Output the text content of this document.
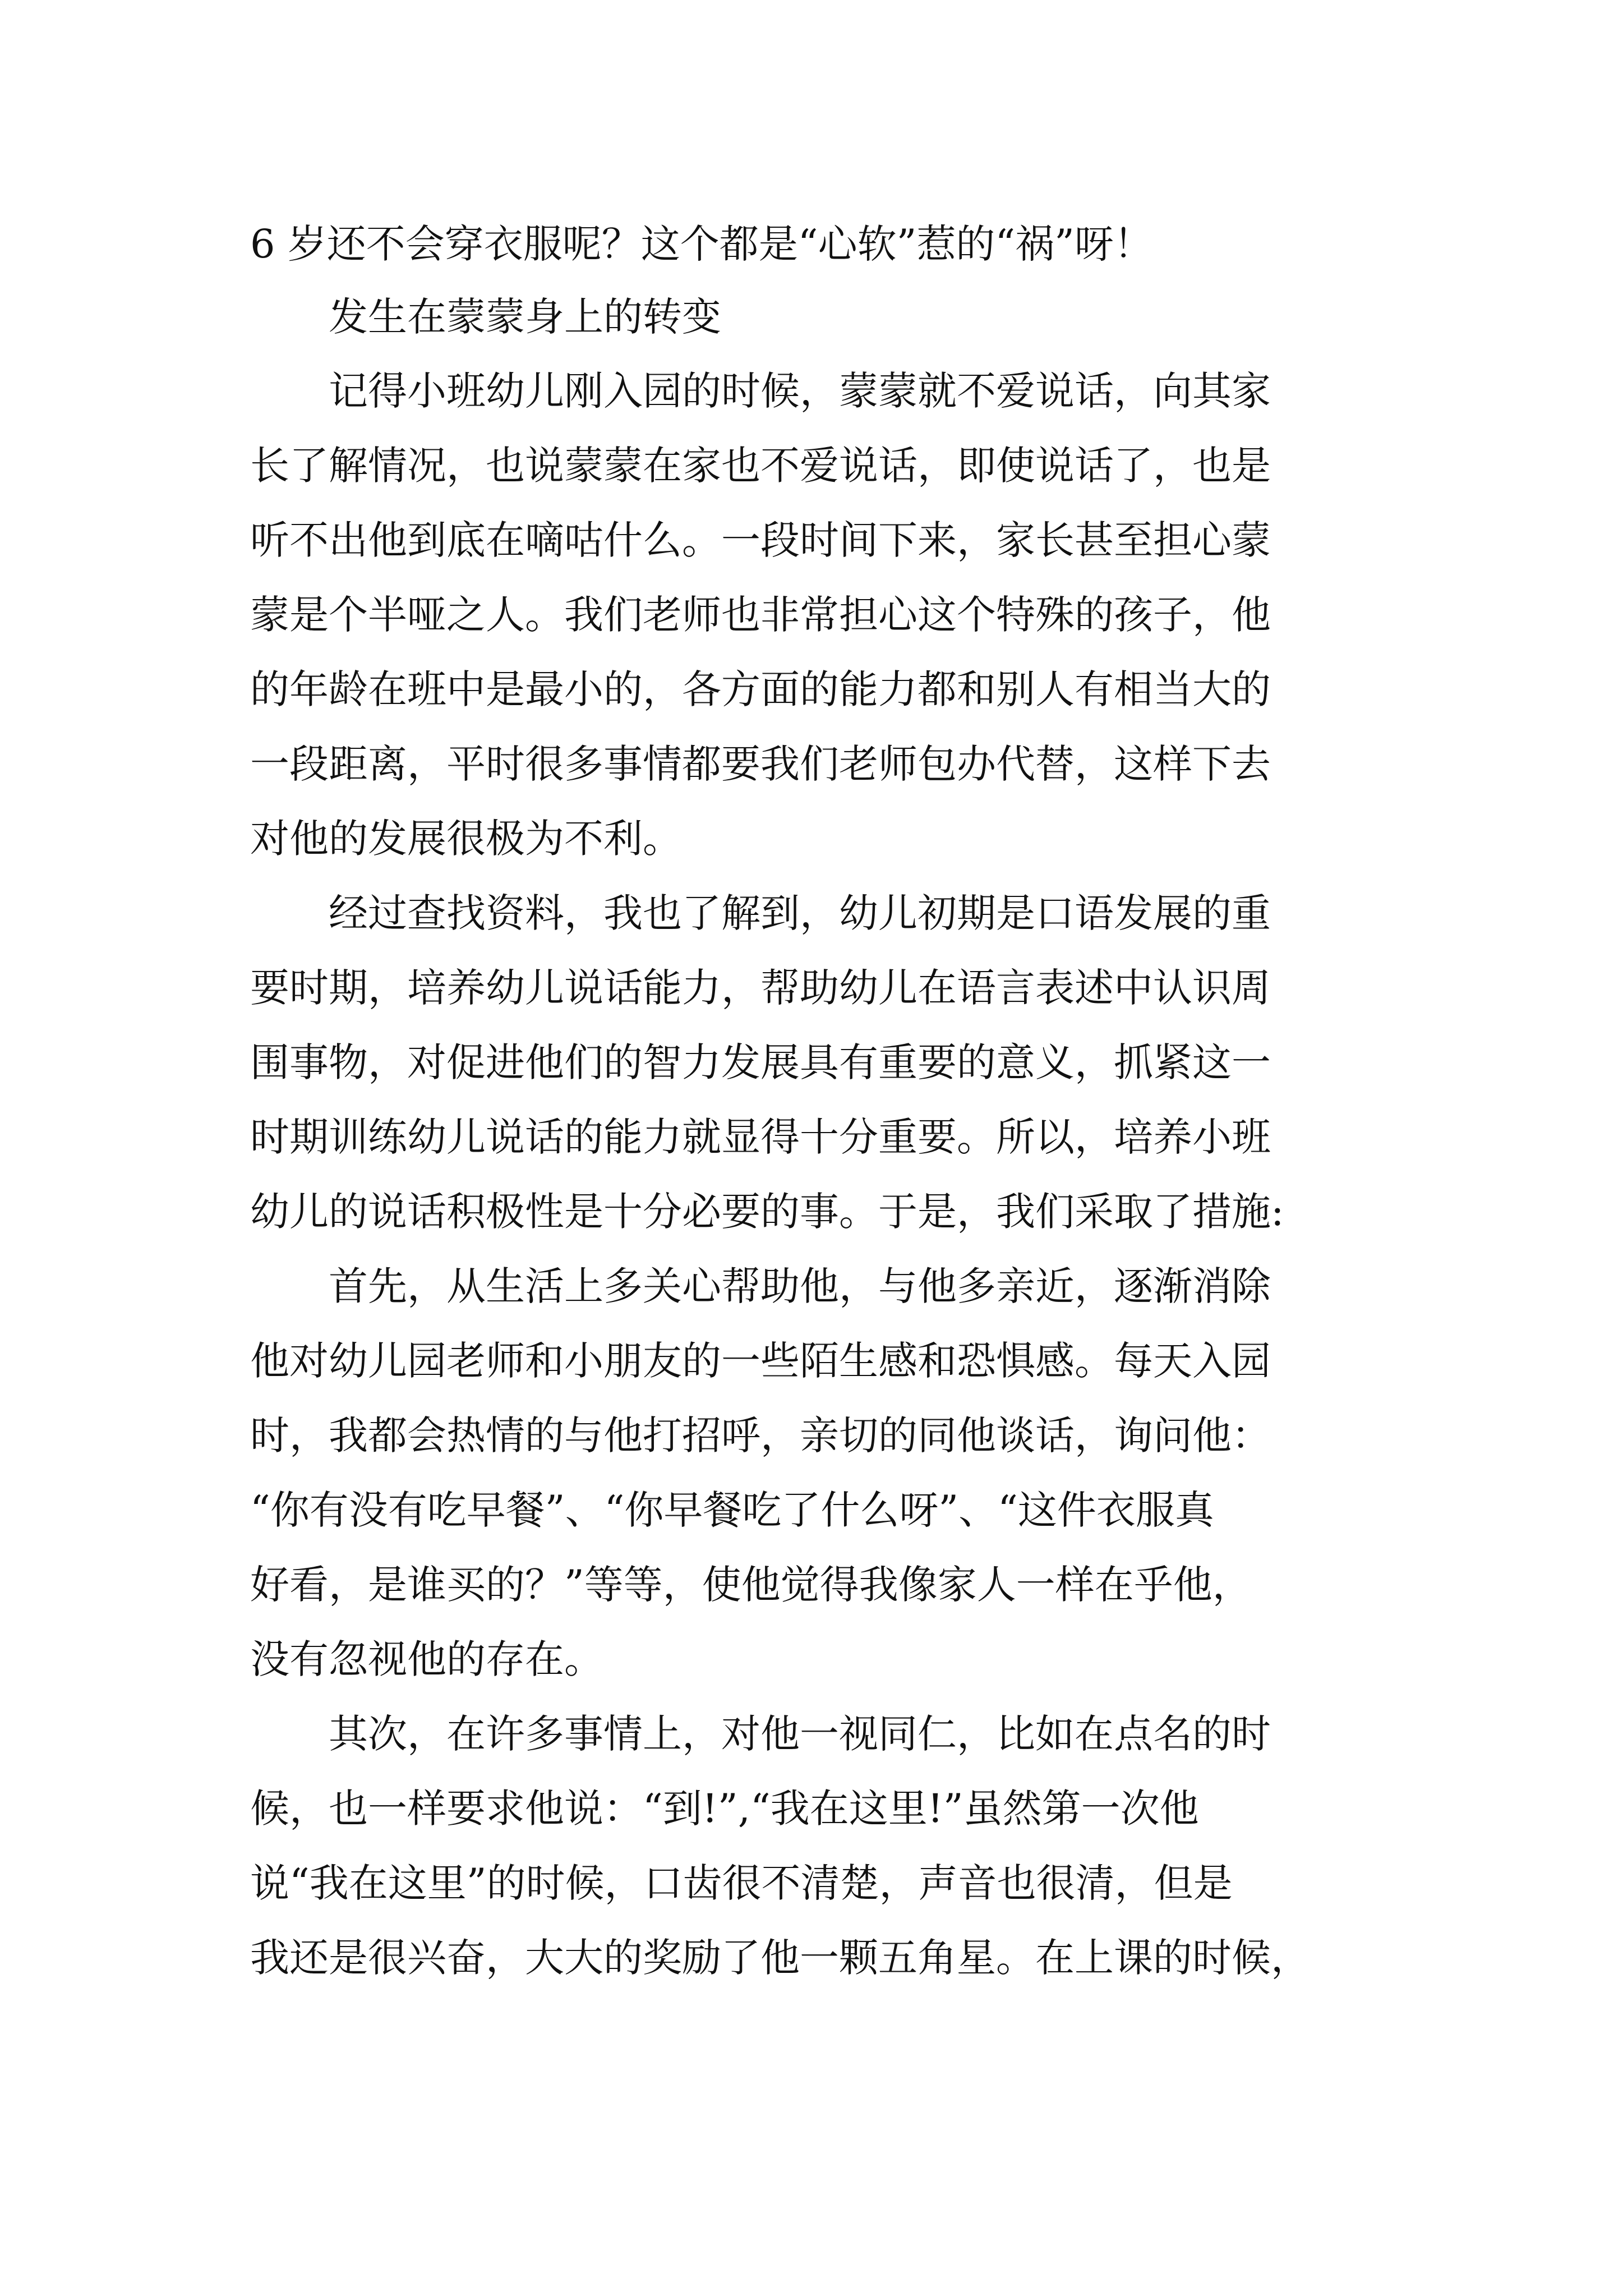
6 岁还不会穿衣服呢？这个都是“心软”惹的“祸”呀！

　　发生在蒙蒙身上的转变

　　记得小班幼儿刚入园的时候，蒙蒙就不爱说话，向其家

长了解情况，也说蒙蒙在家也不爱说话，即使说话了，也是

听不出他到底在嘀咕什么。一段时间下来，家长甚至担心蒙

蒙是个半哑之人。我们老师也非常担心这个特殊的孩子，他

的年龄在班中是最小的，各方面的能力都和别人有相当大的

一段距离，平时很多事情都要我们老师包办代替，这样下去

对他的发展很极为不利。

　　经过查找资料，我也了解到，幼儿初期是口语发展的重

要时期，培养幼儿说话能力，帮助幼儿在语言表述中认识周

围事物，对促进他们的智力发展具有重要的意义，抓紧这一

时期训练幼儿说话的能力就显得十分重要。所以，培养小班

幼儿的说话积极性是十分必要的事。于是，我们采取了措施:

　　首先，从生活上多关心帮助他，与他多亲近，逐渐消除

他对幼儿园老师和小朋友的一些陌生感和恐惧感。每天入园

时，我都会热情的与他打招呼，亲切的同他谈话，询问他：

“你有没有吃早餐”、“你早餐吃了什么呀”、“这件衣服真

好看，是谁买的？”等等，使他觉得我像家人一样在乎他，

没有忽视他的存在。

　　其次，在许多事情上，对他一视同仁，比如在点名的时

候，也一样要求他说：“到!”,“我在这里!”虽然第一次他

说“我在这里”的时候，口齿很不清楚，声音也很清，但是

我还是很兴奋，大大的奖励了他一颗五角星。在上课的时候，
